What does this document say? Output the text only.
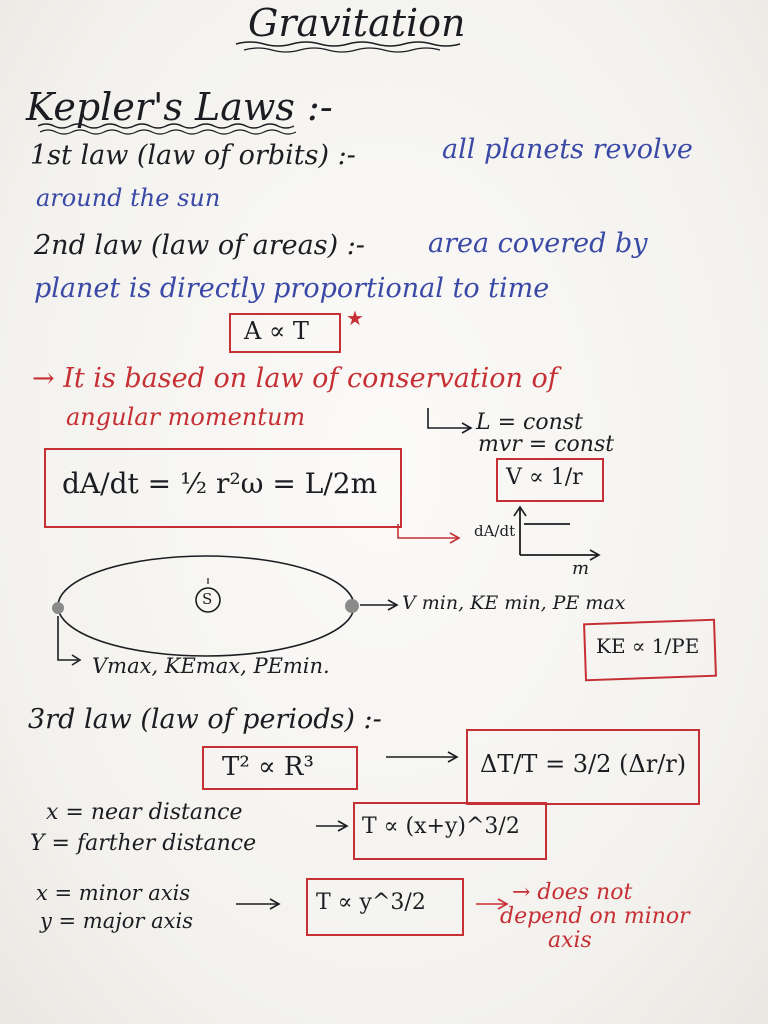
Gravitation
Kepler's Laws :-
1st law (law of orbits) :-	all planets revolve
around the sun
2nd law (law of areas) :- area covered by
planet is directly proportional to time
A ∝ T ★
→ It is based on law of conservation of
angular momentum	L = const
mvr = const
dA/dt = ½ r²ω = L/2m	V ∝ 1/r
dA/dt
m
S	V min, KE min, PE max
Vmax, KEmax, PEmin.
KE ∝ 1/PE
3rd law (law of periods) :-
T² ∝ R³	ΔT/T = 3/2 (Δr/r)
x = near distance
Y = farther distance
T ∝ (x+y)^3/2
x = minor axis
y = major axis
T ∝ y^3/2	→ does not
depend on minor
axis
